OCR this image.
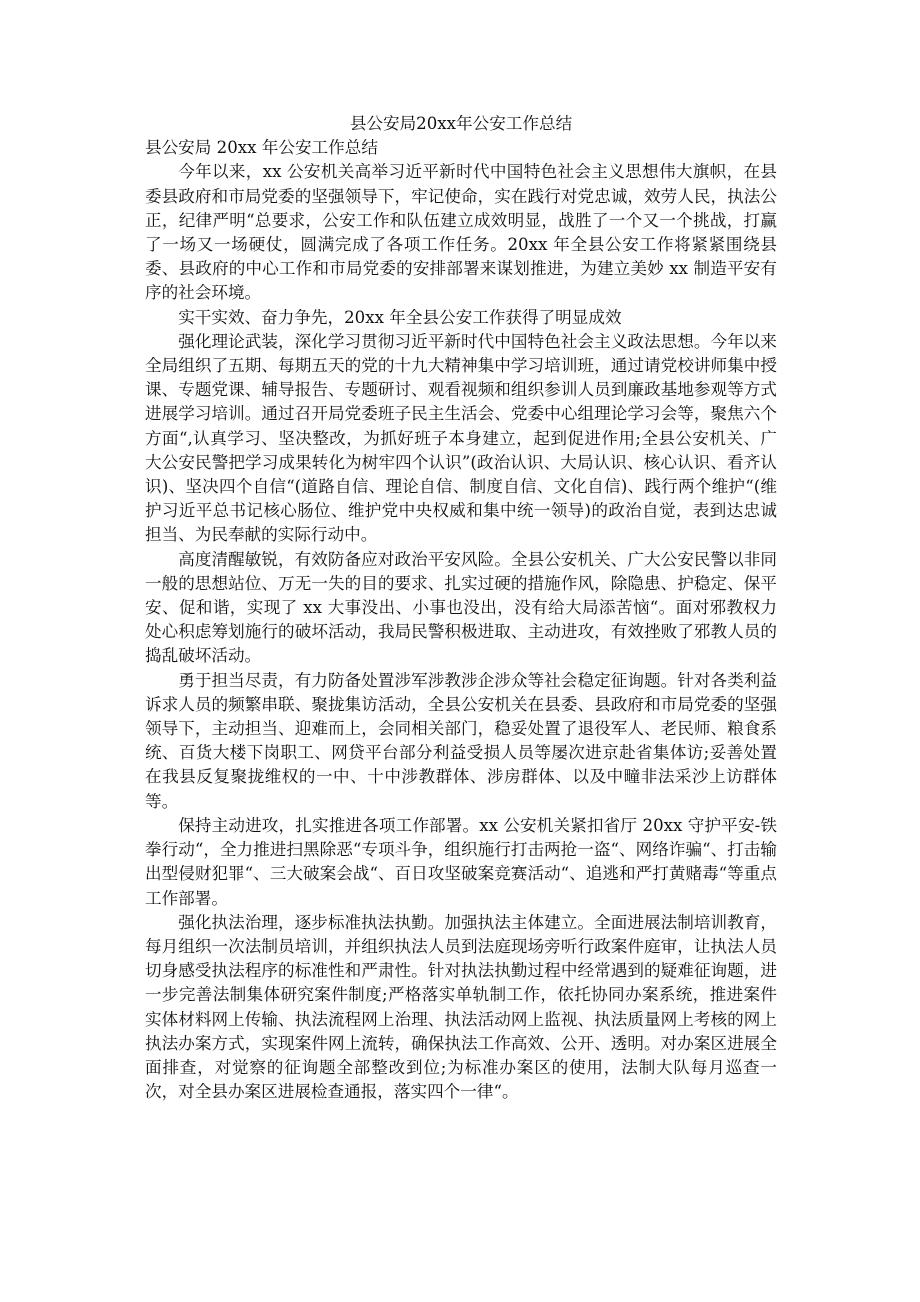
县公安局20xx年公安工作总结
县公安局 20xx 年公安工作总结

今年以来，xx 公安机关高举习近平新时代中国特色社会主义思想伟大旗帜，在县委县政府和市局党委的坚强领导下，牢记使命，实在践行对党忠诚，效劳人民，执法公正，纪律严明“总要求，公安工作和队伍建立成效明显，战胜了一个又一个挑战，打赢了一场又一场硬仗，圆满完成了各项工作任务。20xx 年全县公安工作将紧紧围绕县委、县政府的中心工作和市局党委的安排部署来谋划推进，为建立美妙 xx 制造平安有序的社会环境。

实干实效、奋力争先，20xx 年全县公安工作获得了明显成效

强化理论武装，深化学习贯彻习近平新时代中国特色社会主义政法思想。今年以来全局组织了五期、每期五天的党的十九大精神集中学习培训班，通过请党校讲师集中授课、专题党课、辅导报告、专题研讨、观看视频和组织参训人员到廉政基地参观等方式进展学习培训。通过召开局党委班子民主生活会、党委中心组理论学习会等，聚焦六个方面“,认真学习、坚决整改，为抓好班子本身建立，起到促进作用;全县公安机关、广大公安民警把学习成果转化为树牢四个认识”(政治认识、大局认识、核心认识、看齐认识)、坚决四个自信“(道路自信、理论自信、制度自信、文化自信)、践行两个维护“(维护习近平总书记核心肠位、维护党中央权威和集中统一领导)的政治自觉，表到达忠诚担当、为民奉献的实际行动中。

高度清醒敏锐，有效防备应对政治平安风险。全县公安机关、广大公安民警以非同一般的思想站位、万无一失的目的要求、扎实过硬的措施作风，除隐患、护稳定、保平安、促和谐，实现了 xx 大事没出、小事也没出，没有给大局添苦恼“。面对邪教权力处心积虑筹划施行的破坏活动，我局民警积极进取、主动进攻，有效挫败了邪教人员的捣乱破坏活动。

勇于担当尽责，有力防备处置涉军涉教涉企涉众等社会稳定征询题。针对各类利益诉求人员的频繁串联、聚拢集访活动，全县公安机关在县委、县政府和市局党委的坚强领导下，主动担当、迎难而上，会同相关部门，稳妥处置了退役军人、老民师、粮食系统、百货大楼下岗职工、网贷平台部分利益受损人员等屡次进京赴省集体访;妥善处置在我县反复聚拢维权的一中、十中涉教群体、涉房群体、以及中疃非法采沙上访群体等。

保持主动进攻，扎实推进各项工作部署。xx 公安机关紧扣省厅 20xx 守护平安-铁拳行动“，全力推进扫黑除恶“专项斗争，组织施行打击两抢一盗“、网络诈骗“、打击输出型侵财犯罪“、三大破案会战“、百日攻坚破案竞赛活动“、追逃和严打黄赌毒“等重点工作部署。

强化执法治理，逐步标准执法执勤。加强执法主体建立。全面进展法制培训教育，每月组织一次法制员培训，并组织执法人员到法庭现场旁听行政案件庭审，让执法人员切身感受执法程序的标准性和严肃性。针对执法执勤过程中经常遇到的疑难征询题，进一步完善法制集体研究案件制度;严格落实单轨制工作，依托协同办案系统，推进案件实体材料网上传输、执法流程网上治理、执法活动网上监视、执法质量网上考核的网上执法办案方式，实现案件网上流转，确保执法工作高效、公开、透明。对办案区进展全面排查，对觉察的征询题全部整改到位;为标准办案区的使用，法制大队每月巡查一次，对全县办案区进展检查通报，落实四个一律“。
